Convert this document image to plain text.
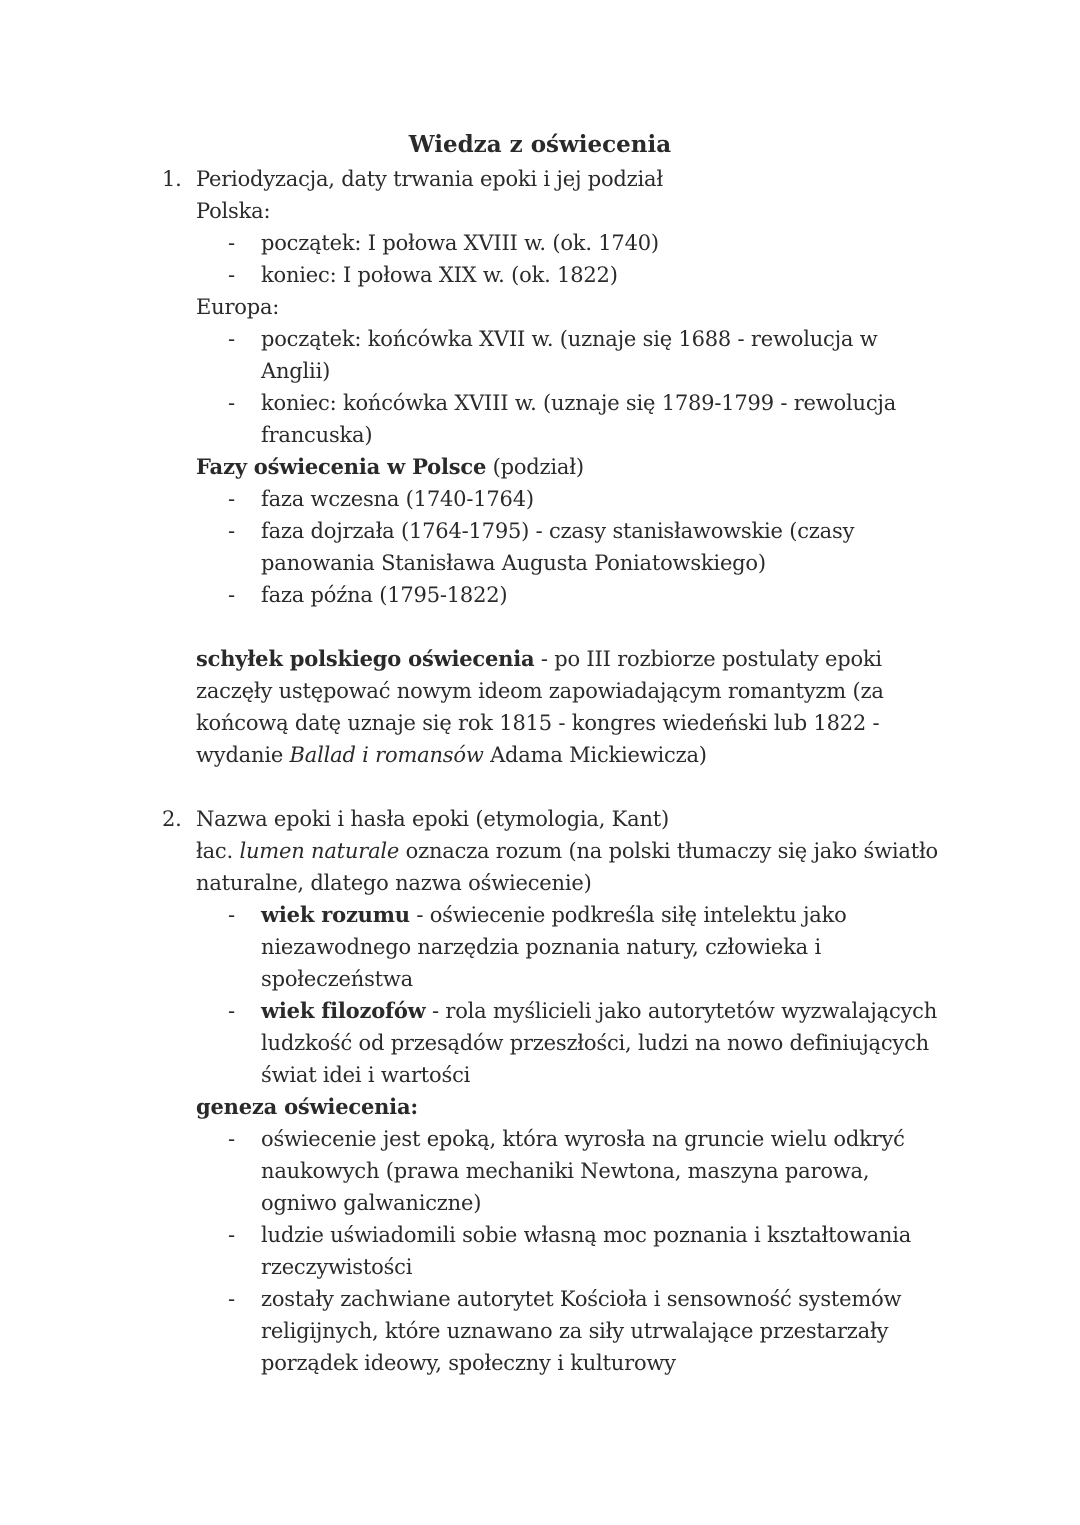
Wiedza z oświecenia
1. Periodyzacja, daty trwania epoki i jej podział

Polska:

- początek: I połowa XVIII w. (ok. 1740)
- koniec: I połowa XIX w. (ok. 1822)

Europa:

- początek: końcówka XVII w. (uznaje się 1688 - rewolucja w Anglii)
- koniec: końcówka XVIII w. (uznaje się 1789-1799 - rewolucja francuska)

Fazy oświecenia w Polsce (podział)

- faza wczesna (1740-1764)
- faza dojrzała (1764-1795) - czasy stanisławowskie (czasy panowania Stanisława Augusta Poniatowskiego)
- faza późna (1795-1822)

schyłek polskiego oświecenia - po III rozbiorze postulaty epoki zaczęły ustępować nowym ideom zapowiadającym romantyzm (za końcową datę uznaje się rok 1815 - kongres wiedeński lub 1822 - wydanie Ballad i romansów Adama Mickiewicza)

2. Nazwa epoki i hasła epoki (etymologia, Kant)

łac. lumen naturale oznacza rozum (na polski tłumaczy się jako światło naturalne, dlatego nazwa oświecenie)

- wiek rozumu - oświecenie podkreśla siłę intelektu jako niezawodnego narzędzia poznania natury, człowieka i społeczeństwa
- wiek filozofów - rola myślicieli jako autorytetów wyzwalających ludzkość od przesądów przeszłości, ludzi na nowo definiujących świat idei i wartości

geneza oświecenia:

- oświecenie jest epoką, która wyrosła na gruncie wielu odkryć naukowych (prawa mechaniki Newtona, maszyna parowa, ogniwo galwaniczne)
- ludzie uświadomili sobie własną moc poznania i kształtowania rzeczywistości
- zostały zachwiane autorytet Kościoła i sensowność systemów religijnych, które uznawano za siły utrwalające przestarzały porządek ideowy, społeczny i kulturowy
